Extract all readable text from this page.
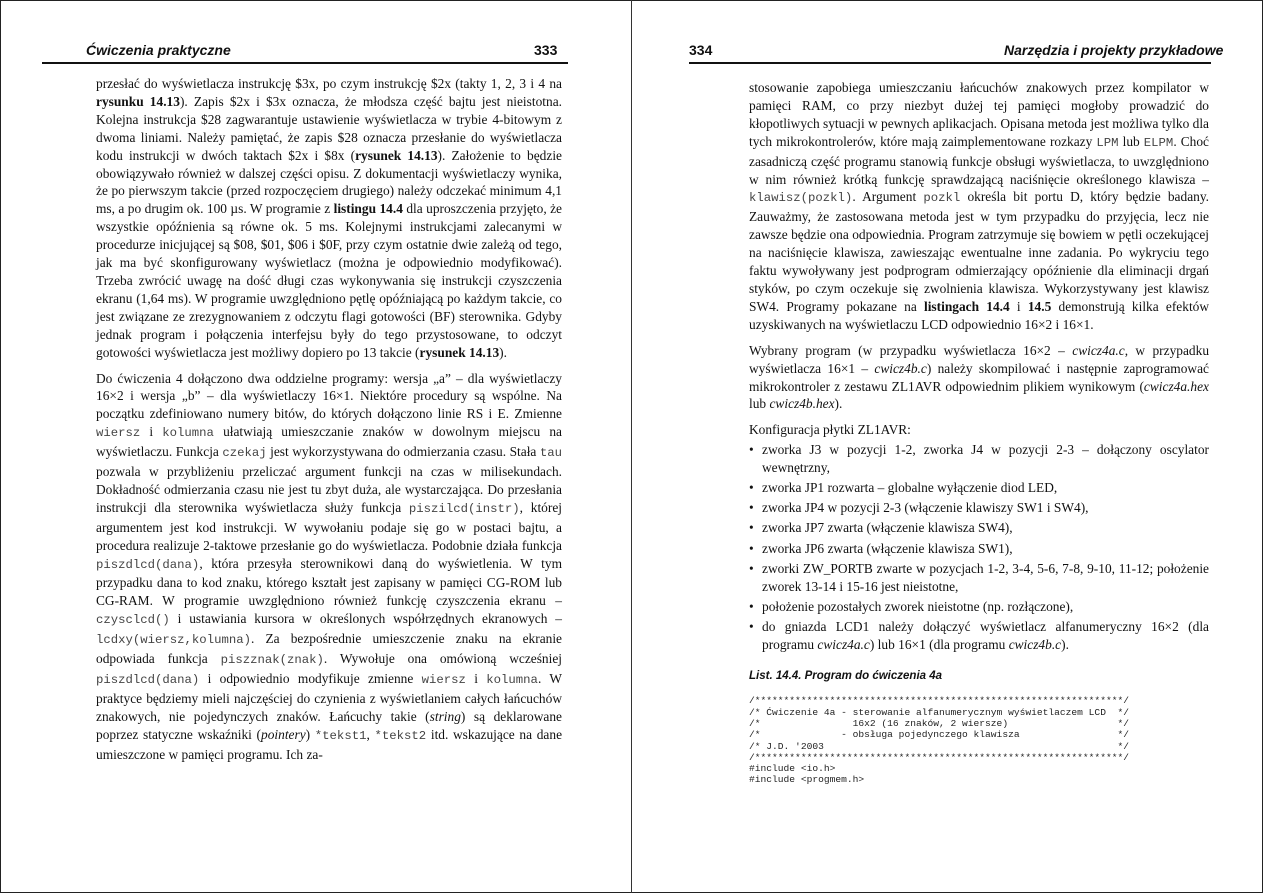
Ćwiczenia praktyczne	333

przesłać do wyświetlacza instrukcję $3x, po czym instrukcję $2x (takty 1, 2, 3 i 4 na rysunku 14.13). Zapis $2x i $3x oznacza, że młodsza część bajtu jest nieistotna. Kolejna instrukcja $28 zagwarantuje ustawienie wyświetlacza w trybie 4-bitowym z dwoma liniami. Należy pamiętać, że zapis $28 oznacza przesłanie do wyświetlacza kodu instrukcji w dwóch taktach $2x i $8x (rysunek 14.13). Założenie to będzie obowiązywało również w dalszej części opisu. Z dokumentacji wyświetlaczy wynika, że po pierwszym takcie (przed rozpoczęciem drugiego) należy odczekać minimum 4,1 ms, a po drugim ok. 100 µs. W programie z listingu 14.4 dla uproszczenia przyjęto, że wszystkie opóźnienia są równe ok. 5 ms. Kolejnymi instrukcjami zalecanymi w procedurze inicjującej są $08, $01, $06 i $0F, przy czym ostatnie dwie zależą od tego, jak ma być skonfigurowany wyświetlacz (można je odpowiednio modyfikować). Trzeba zwrócić uwagę na dość długi czas wykonywania się instrukcji czyszczenia ekranu (1,64 ms). W programie uwzględniono pętlę opóźniającą po każdym takcie, co jest związane ze zrezygnowaniem z odczytu flagi gotowości (BF) sterownika. Gdyby jednak program i połączenia interfejsu były do tego przystosowane, to odczyt gotowości wyświetlacza jest możliwy dopiero po 13 takcie (rysunek 14.13).

Do ćwiczenia 4 dołączono dwa oddzielne programy: wersja „a” – dla wyświetlaczy 16×2 i wersja „b” – dla wyświetlaczy 16×1. Niektóre procedury są wspólne. Na początku zdefiniowano numery bitów, do których dołączono linie RS i E. Zmienne wiersz i kolumna ułatwiają umieszczanie znaków w dowolnym miejscu na wyświetlaczu. Funkcja czekaj jest wykorzystywana do odmierzania czasu. Stała tau pozwala w przybliżeniu przeliczać argument funkcji na czas w milisekundach. Dokładność odmierzania czasu nie jest tu zbyt duża, ale wystarczająca. Do przesłania instrukcji dla sterownika wyświetlacza służy funkcja piszilcd(instr), której argumentem jest kod instrukcji. W wywołaniu podaje się go w postaci bajtu, a procedura realizuje 2-taktowe przesłanie go do wyświetlacza. Podobnie działa funkcja piszdlcd(dana), która przesyła sterownikowi daną do wyświetlenia. W tym przypadku dana to kod znaku, którego kształt jest zapisany w pamięci CG-ROM lub CG-RAM. W programie uwzględniono również funkcję czyszczenia ekranu – czysclcd() i ustawiania kursora w określonych współrzędnych ekranowych – lcdxy(wiersz,kolumna). Za bezpośrednie umieszczenie znaku na ekranie odpowiada funkcja piszznak(znak). Wywołuje ona omówioną wcześniej piszdlcd(dana) i odpowiednio modyfikuje zmienne wiersz i kolumna. W praktyce będziemy mieli najczęściej do czynienia z wyświetlaniem całych łańcuchów znakowych, nie pojedynczych znaków. Łańcuchy takie (string) są deklarowane poprzez statyczne wskaźniki (pointery) *tekst1, *tekst2 itd. wskazujące na dane umieszczone w pamięci programu. Ich za-

334	Narzędzia i projekty przykładowe

stosowanie zapobiega umieszczaniu łańcuchów znakowych przez kompilator w pamięci RAM, co przy niezbyt dużej tej pamięci mogłoby prowadzić do kłopotliwych sytuacji w pewnych aplikacjach. Opisana metoda jest możliwa tylko dla tych mikrokontrolerów, które mają zaimplementowane rozkazy LPM lub ELPM. Choć zasadniczą część programu stanowią funkcje obsługi wyświetlacza, to uwzględniono w nim również krótką funkcję sprawdzającą naciśnięcie określonego klawisza – klawisz(pozkl). Argument pozkl określa bit portu D, który będzie badany. Zauważmy, że zastosowana metoda jest w tym przypadku do przyjęcia, lecz nie zawsze będzie ona odpowiednia. Program zatrzymuje się bowiem w pętli oczekującej na naciśnięcie klawisza, zawieszając ewentualne inne zadania. Po wykryciu tego faktu wywoływany jest podprogram odmierzający opóźnienie dla eliminacji drgań styków, po czym oczekuje się zwolnienia klawisza. Wykorzystywany jest klawisz SW4. Programy pokazane na listingach 14.4 i 14.5 demonstrują kilka efektów uzyskiwanych na wyświetlaczu LCD odpowiednio 16×2 i 16×1.

Wybrany program (w przypadku wyświetlacza 16×2 – cwicz4a.c, w przypadku wyświetlacza 16×1 – cwicz4b.c) należy skompilować i następnie zaprogramować mikrokontroler z zestawu ZL1AVR odpowiednim plikiem wynikowym (cwicz4a.hex lub cwicz4b.hex).

Konfiguracja płytki ZL1AVR:

• zworka J3 w pozycji 1-2, zworka J4 w pozycji 2-3 – dołączony oscylator wewnętrzny,
• zworka JP1 rozwarta – globalne wyłączenie diod LED,
• zworka JP4 w pozycji 2-3 (włączenie klawiszy SW1 i SW4),
• zworka JP7 zwarta (włączenie klawisza SW4),
• zworka JP6 zwarta (włączenie klawisza SW1),
• zworki ZW_PORTB zwarte w pozycjach 1-2, 3-4, 5-6, 7-8, 9-10, 11-12; położenie zworek 13-14 i 15-16 jest nieistotne,
• położenie pozostałych zworek nieistotne (np. rozłączone),
• do gniazda LCD1 należy dołączyć wyświetlacz alfanumeryczny 16×2 (dla programu cwicz4a.c) lub 16×1 (dla programu cwicz4b.c).
List. 14.4. Program do ćwiczenia 4a
/****************************************************************/
/* Ćwiczenie 4a - sterowanie alfanumerycznym wyświetlaczem LCD  */
/*                16x2 (16 znaków, 2 wiersze)                   */
/*              - obsługa pojedynczego klawisza                 */
/* J.D. '2003                                                   */
/****************************************************************/
#include <io.h>
#include <progmem.h>
